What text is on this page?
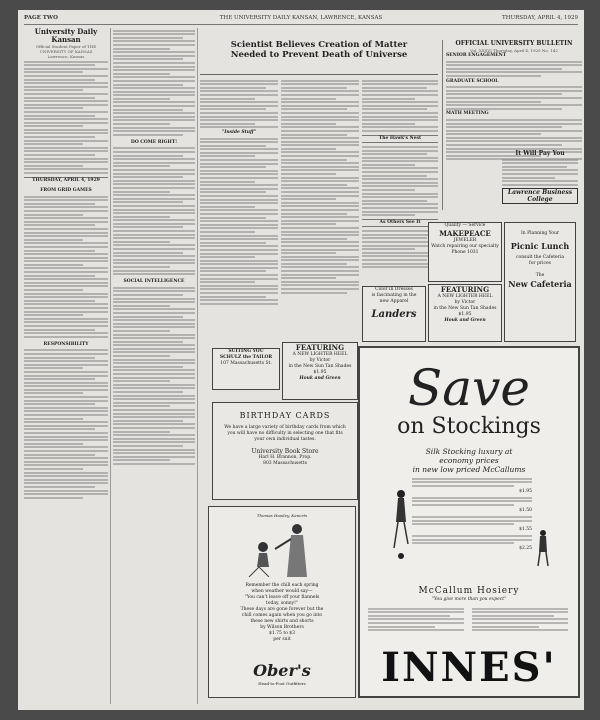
PAGE TWO	THE UNIVERSITY DAILY KANSAN, LAWRENCE, KANSAS	THURSDAY, APRIL 4, 1929
University Daily Kansan
Official Student Paper of THE UNIVERSITY OF KANSAS
Lawrence, Kansas
THURSDAY, APRIL 4, 1929
FROM GRID GAMES
RESPONSIBILITY
DO COME RIGHT!
SOCIAL INTELLIGENCE
Scientist Believes Creation of Matter
Needed to Prevent Death of Universe
"Inside Stuff"
The Hawk's Nest
As Others See It
OFFICIAL UNIVERSITY BULLETIN
Vol. XXXVI Thursday, April 4, 1929 No. 142
SENIOR ENGAGEMENT
GRADUATE SCHOOL
MATH MEETING
It Will Pay You
Lawrence Business College
In Planning Your
Picnic Lunch
consult the Cafeteria
for prices
The
New Cafeteria
Quality — Service
MAKEPEACE
JEWELER
Watch repairing our specialty
Phone 1031
FEATURING
A NEW LIGHTER HEEL
by Victor
in the New Sun Tan Shades
$1.95
Houk and Green
Color in Dresses
is fascinating in the
new Apparel
Landers
SUITING YOU
SCHULZ the TAILOR
107 Massachusetts St.
FEATURING
A NEW LIGHTER HEEL
by Victor
in the New Sun Tan Shades
$1.95
Houk and Green
BIRTHDAY CARDS
We have a large variety of birthday cards from which you will have no difficulty in selecting one that fits your own individual tastes.
University Book Store
Harl H. Brannon, Prop.
803 Massachusetts
Thomas Hawley, Kanorts
Remember the chill each spring
when weather would say—
"You can't leave off your flannels
today, sonny!"
These days are gone forever but the
chill comes again when you go into
these new shirts and shorts
by Wilson Brothers
$1.75 to $3
per suit
Ober's
Head-to-Foot Outfitters
Save
on Stockings
Silk Stocking luxury at
economy prices
in new low priced McCallums
$1.95
$1.50
$1.55
$2.25
McCallum Hosiery
"You give more than you expect"
INNES'
